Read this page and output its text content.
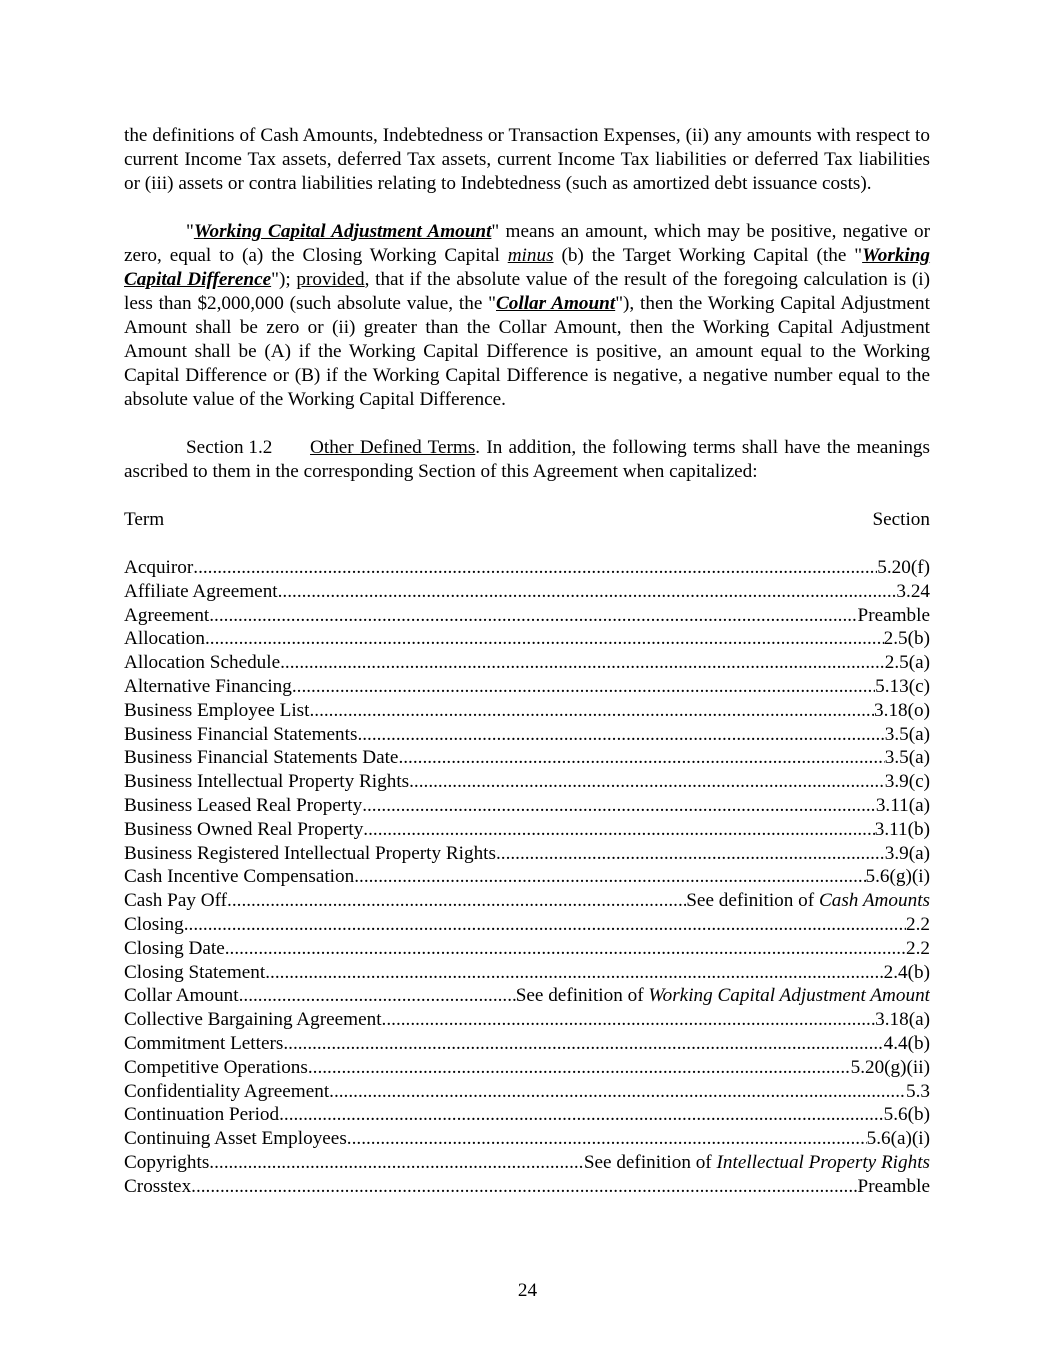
the definitions of Cash Amounts, Indebtedness or Transaction Expenses, (ii) any amounts with respect to current Income Tax assets, deferred Tax assets, current Income Tax liabilities or deferred Tax liabilities or (iii) assets or contra liabilities relating to Indebtedness (such as amortized debt issuance costs).

"Working Capital Adjustment Amount" means an amount, which may be positive, negative or zero, equal to (a) the Closing Working Capital minus (b) the Target Working Capital (the "Working Capital Difference"); provided, that if the absolute value of the result of the foregoing calculation is (i) less than $2,000,000 (such absolute value, the "Collar Amount"), then the Working Capital Adjustment Amount shall be zero or (ii) greater than the Collar Amount, then the Working Capital Adjustment Amount shall be (A) if the Working Capital Difference is positive, an amount equal to the Working Capital Difference or (B) if the Working Capital Difference is negative, a negative number equal to the absolute value of the Working Capital Difference.

Section 1.2 Other Defined Terms. In addition, the following terms shall have the meanings ascribed to them in the corresponding Section of this Agreement when capitalized:

Term	Section
Acquiror .....	5.20(f)
Affiliate Agreement .....	3.24
Agreement .....	Preamble
Allocation .....	2.5(b)
Allocation Schedule .....	2.5(a)
Alternative Financing .....	5.13(c)
Business Employee List .....	3.18(o)
Business Financial Statements .....	3.5(a)
Business Financial Statements Date .....	3.5(a)
Business Intellectual Property Rights .....	3.9(c)
Business Leased Real Property .....	3.11(a)
Business Owned Real Property .....	3.11(b)
Business Registered Intellectual Property Rights .....	3.9(a)
Cash Incentive Compensation .....	5.6(g)(i)
Cash Pay Off .....	See definition of Cash Amounts
Closing .....	2.2
Closing Date .....	2.2
Closing Statement .....	2.4(b)
Collar Amount .....	See definition of Working Capital Adjustment Amount
Collective Bargaining Agreement .....	3.18(a)
Commitment Letters .....	4.4(b)
Competitive Operations .....	5.20(g)(ii)
Confidentiality Agreement .....	5.3
Continuation Period .....	5.6(b)
Continuing Asset Employees .....	5.6(a)(i)
Copyrights .....	See definition of Intellectual Property Rights
Crosstex .....	Preamble
24
